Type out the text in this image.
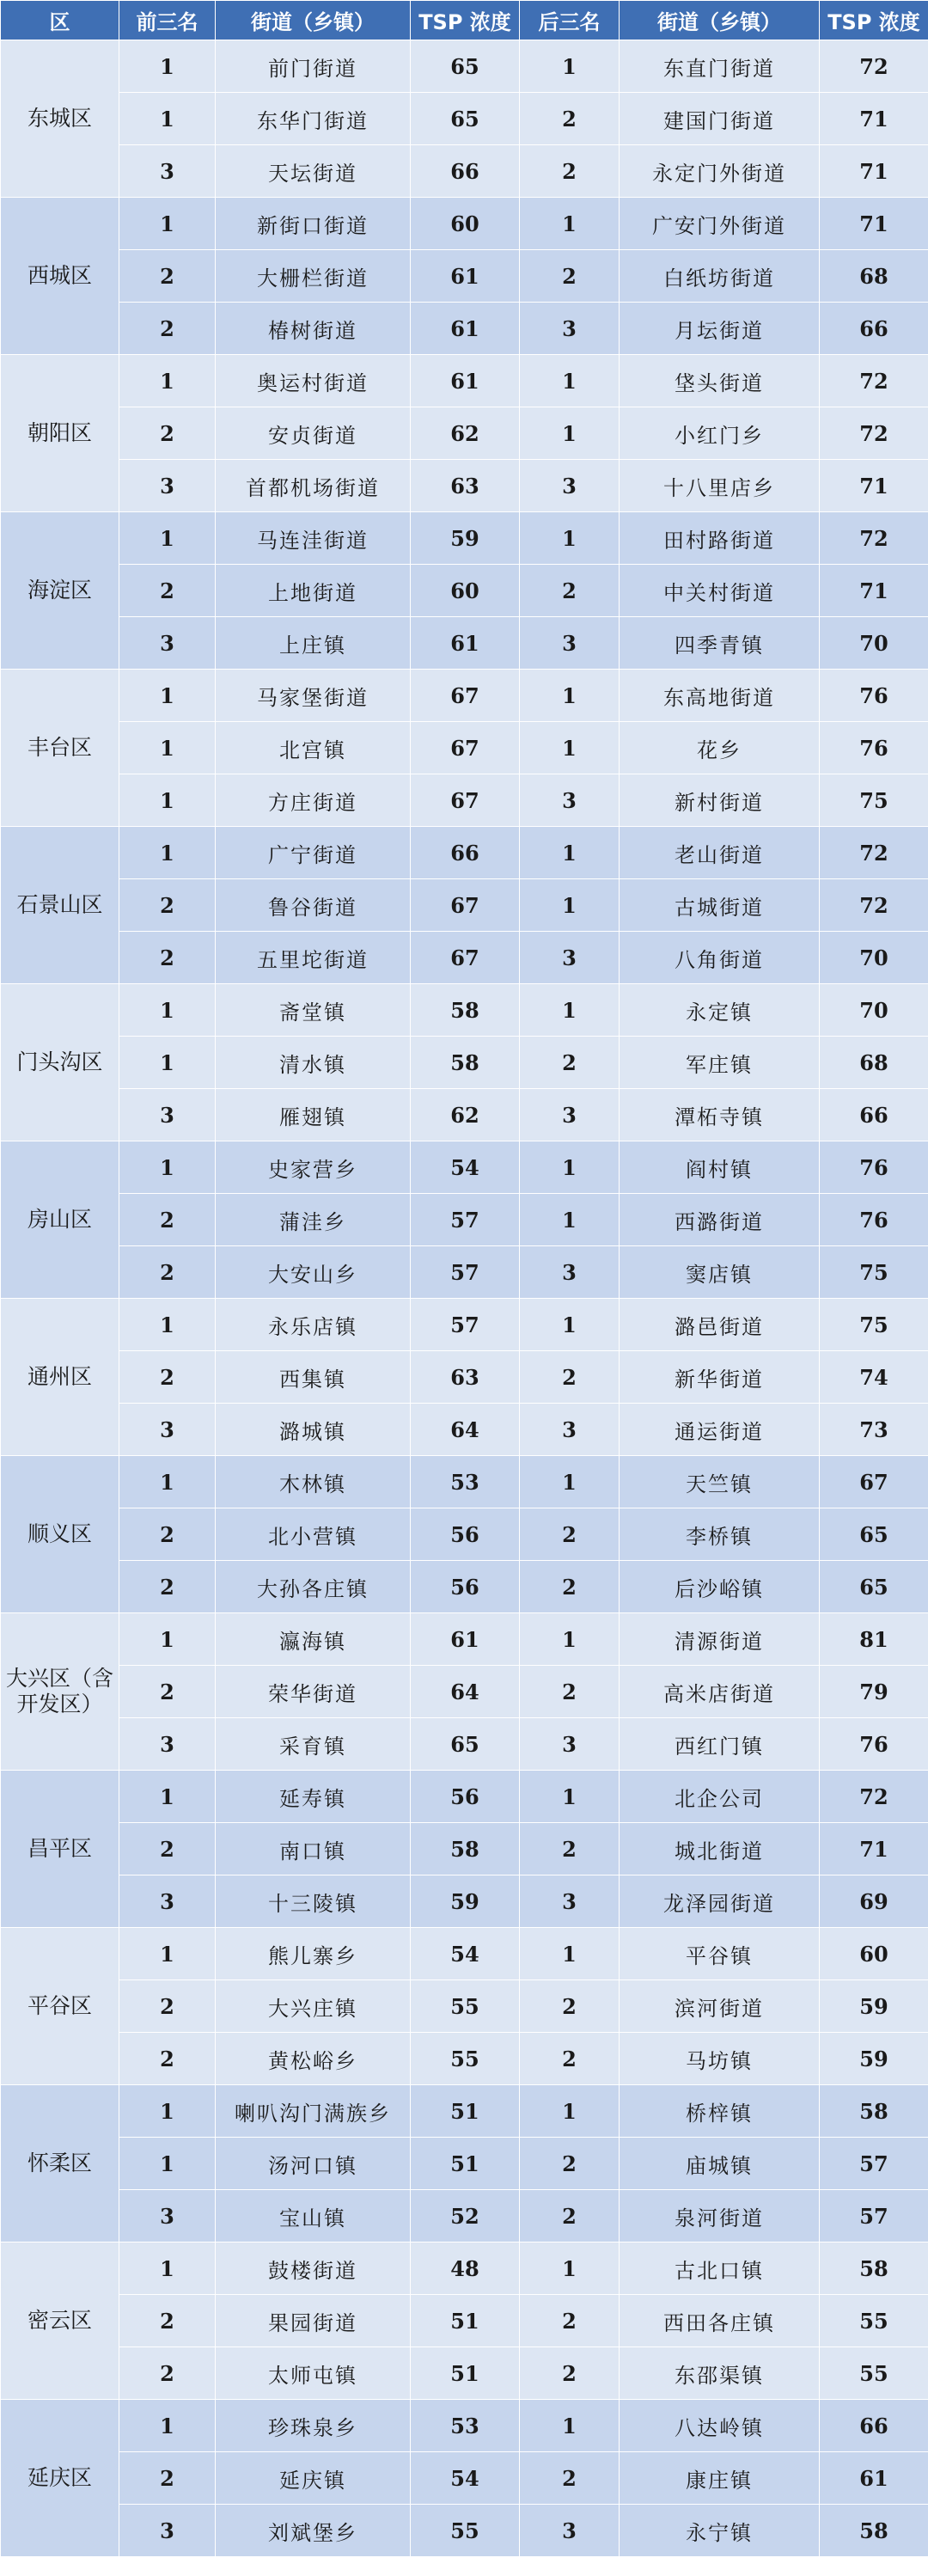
区	前三名	街道（乡镇）	TSP 浓度	后三名	街道（乡镇）	TSP 浓度
东城区	1	前门街道	65	1	东直门街道	72
	1	东华门街道	65	2	建国门街道	71
	3	天坛街道	66	2	永定门外街道	71
西城区	1	新街口街道	60	1	广安门外街道	71
	2	大栅栏街道	61	2	白纸坊街道	68
	2	椿树街道	61	3	月坛街道	66
朝阳区	1	奥运村街道	61	1	垡头街道	72
	2	安贞街道	62	1	小红门乡	72
	3	首都机场街道	63	3	十八里店乡	71
海淀区	1	马连洼街道	59	1	田村路街道	72
	2	上地街道	60	2	中关村街道	71
	3	上庄镇	61	3	四季青镇	70
丰台区	1	马家堡街道	67	1	东高地街道	76
	1	北宫镇	67	1	花乡	76
	1	方庄街道	67	3	新村街道	75
石景山区	1	广宁街道	66	1	老山街道	72
	2	鲁谷街道	67	1	古城街道	72
	2	五里坨街道	67	3	八角街道	70
门头沟区	1	斋堂镇	58	1	永定镇	70
	1	清水镇	58	2	军庄镇	68
	3	雁翅镇	62	3	潭柘寺镇	66
房山区	1	史家营乡	54	1	阎村镇	76
	2	蒲洼乡	57	1	西潞街道	76
	2	大安山乡	57	3	窦店镇	75
通州区	1	永乐店镇	57	1	潞邑街道	75
	2	西集镇	63	2	新华街道	74
	3	潞城镇	64	3	通运街道	73
顺义区	1	木林镇	53	1	天竺镇	67
	2	北小营镇	56	2	李桥镇	65
	2	大孙各庄镇	56	2	后沙峪镇	65
大兴区（含开发区）	1	瀛海镇	61	1	清源街道	81
	2	荣华街道	64	2	高米店街道	79
	3	采育镇	65	3	西红门镇	76
昌平区	1	延寿镇	56	1	北企公司	72
	2	南口镇	58	2	城北街道	71
	3	十三陵镇	59	3	龙泽园街道	69
平谷区	1	熊儿寨乡	54	1	平谷镇	60
	2	大兴庄镇	55	2	滨河街道	59
	2	黄松峪乡	55	2	马坊镇	59
怀柔区	1	喇叭沟门满族乡	51	1	桥梓镇	58
	1	汤河口镇	51	2	庙城镇	57
	3	宝山镇	52	2	泉河街道	57
密云区	1	鼓楼街道	48	1	古北口镇	58
	2	果园街道	51	2	西田各庄镇	55
	2	太师屯镇	51	2	东邵渠镇	55
延庆区	1	珍珠泉乡	53	1	八达岭镇	66
	2	延庆镇	54	2	康庄镇	61
	3	刘斌堡乡	55	3	永宁镇	58
